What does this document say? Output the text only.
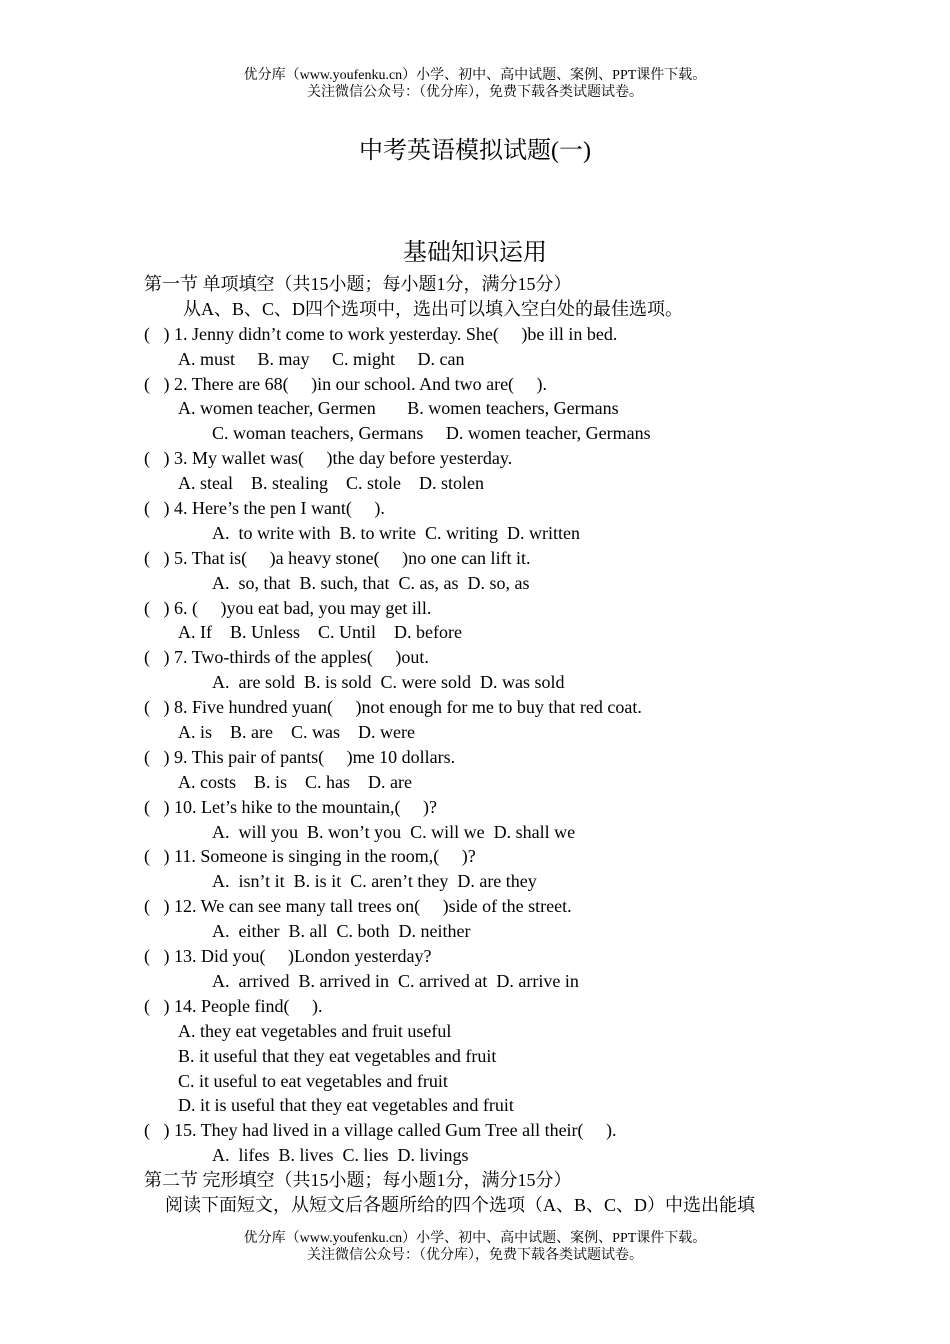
优分库（www.youfenku.cn）小学、初中、高中试题、案例、PPT课件下载。
关注微信公众号：（优分库），免费下载各类试题试卷。
中考英语模拟试题(一)
基础知识运用
第一节 单项填空（共15小题；每小题1分，满分15分）
从A、B、C、D四个选项中，选出可以填入空白处的最佳选项。
(   ) 1. Jenny didn’t come to work yesterday. She(     )be ill in bed.
A. must     B. may     C. might     D. can
(   ) 2. There are 68(     )in our school. And two are(     ).
A. women teacher, Germen       B. women teachers, Germans
C. woman teachers, Germans     D. women teacher, Germans
(   ) 3. My wallet was(     )the day before yesterday.
A. steal    B. stealing    C. stole    D. stolen
(   ) 4. Here’s the pen I want(     ).
A.  to write with  B. to write  C. writing  D. written
(   ) 5. That is(     )a heavy stone(     )no one can lift it.
A.  so, that  B. such, that  C. as, as  D. so, as
(   ) 6. (     )you eat bad, you may get ill.
A. If    B. Unless    C. Until    D. before
(   ) 7. Two-thirds of the apples(     )out.
A.  are sold  B. is sold  C. were sold  D. was sold
(   ) 8. Five hundred yuan(     )not enough for me to buy that red coat.
A. is    B. are    C. was    D. were
(   ) 9. This pair of pants(     )me 10 dollars.
A. costs    B. is    C. has    D. are
(   ) 10. Let’s hike to the mountain,(     )?
A.  will you  B. won’t you  C. will we  D. shall we
(   ) 11. Someone is singing in the room,(     )?
A.  isn’t it  B. is it  C. aren’t they  D. are they
(   ) 12. We can see many tall trees on(     )side of the street.
A.  either  B. all  C. both  D. neither
(   ) 13. Did you(     )London yesterday?
A.  arrived  B. arrived in  C. arrived at  D. arrive in
(   ) 14. People find(     ).
A. they eat vegetables and fruit useful
B. it useful that they eat vegetables and fruit
C. it useful to eat vegetables and fruit
D. it is useful that they eat vegetables and fruit
(   ) 15. They had lived in a village called Gum Tree all their(     ).
A.  lifes  B. lives  C. lies  D. livings
第二节 完形填空（共15小题；每小题1分，满分15分）
阅读下面短文，从短文后各题所给的四个选项（A、B、C、D）中选出能填
优分库（www.youfenku.cn）小学、初中、高中试题、案例、PPT课件下载。
关注微信公众号：（优分库），免费下载各类试题试卷。
